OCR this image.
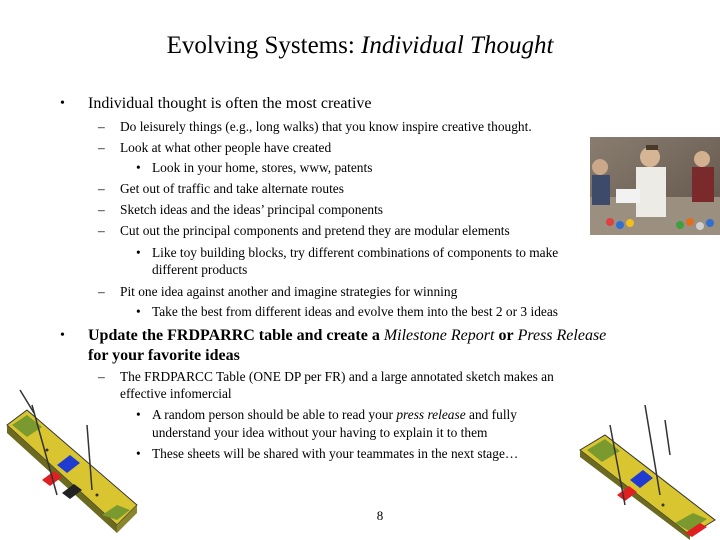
Evolving Systems: Individual Thought
• Individual thought is often the most creative
– Do leisurely things (e.g., long walks) that you know inspire creative thought.
– Look at what other people have created
• Look in your home, stores, www, patents
– Get out of traffic and take alternate routes
– Sketch ideas and the ideas’ principal components
– Cut out the principal components and pretend they are modular elements
• Like toy building blocks, try different combinations of components to make
different products
– Pit one idea against another and imagine strategies for winning
• Take the best from different ideas and evolve them into the best 2 or 3 ideas
• Update the FRDPARRC table and create a Milestone Report or Press Release
for your favorite ideas
– The FRDPARCC Table (ONE DP per FR) and a large annotated sketch makes an
effective infomercial
• A random person should be able to read your press release and fully
understand your idea without your having to explain it to them
• These sheets will be shared with your teammates in the next stage…
8
